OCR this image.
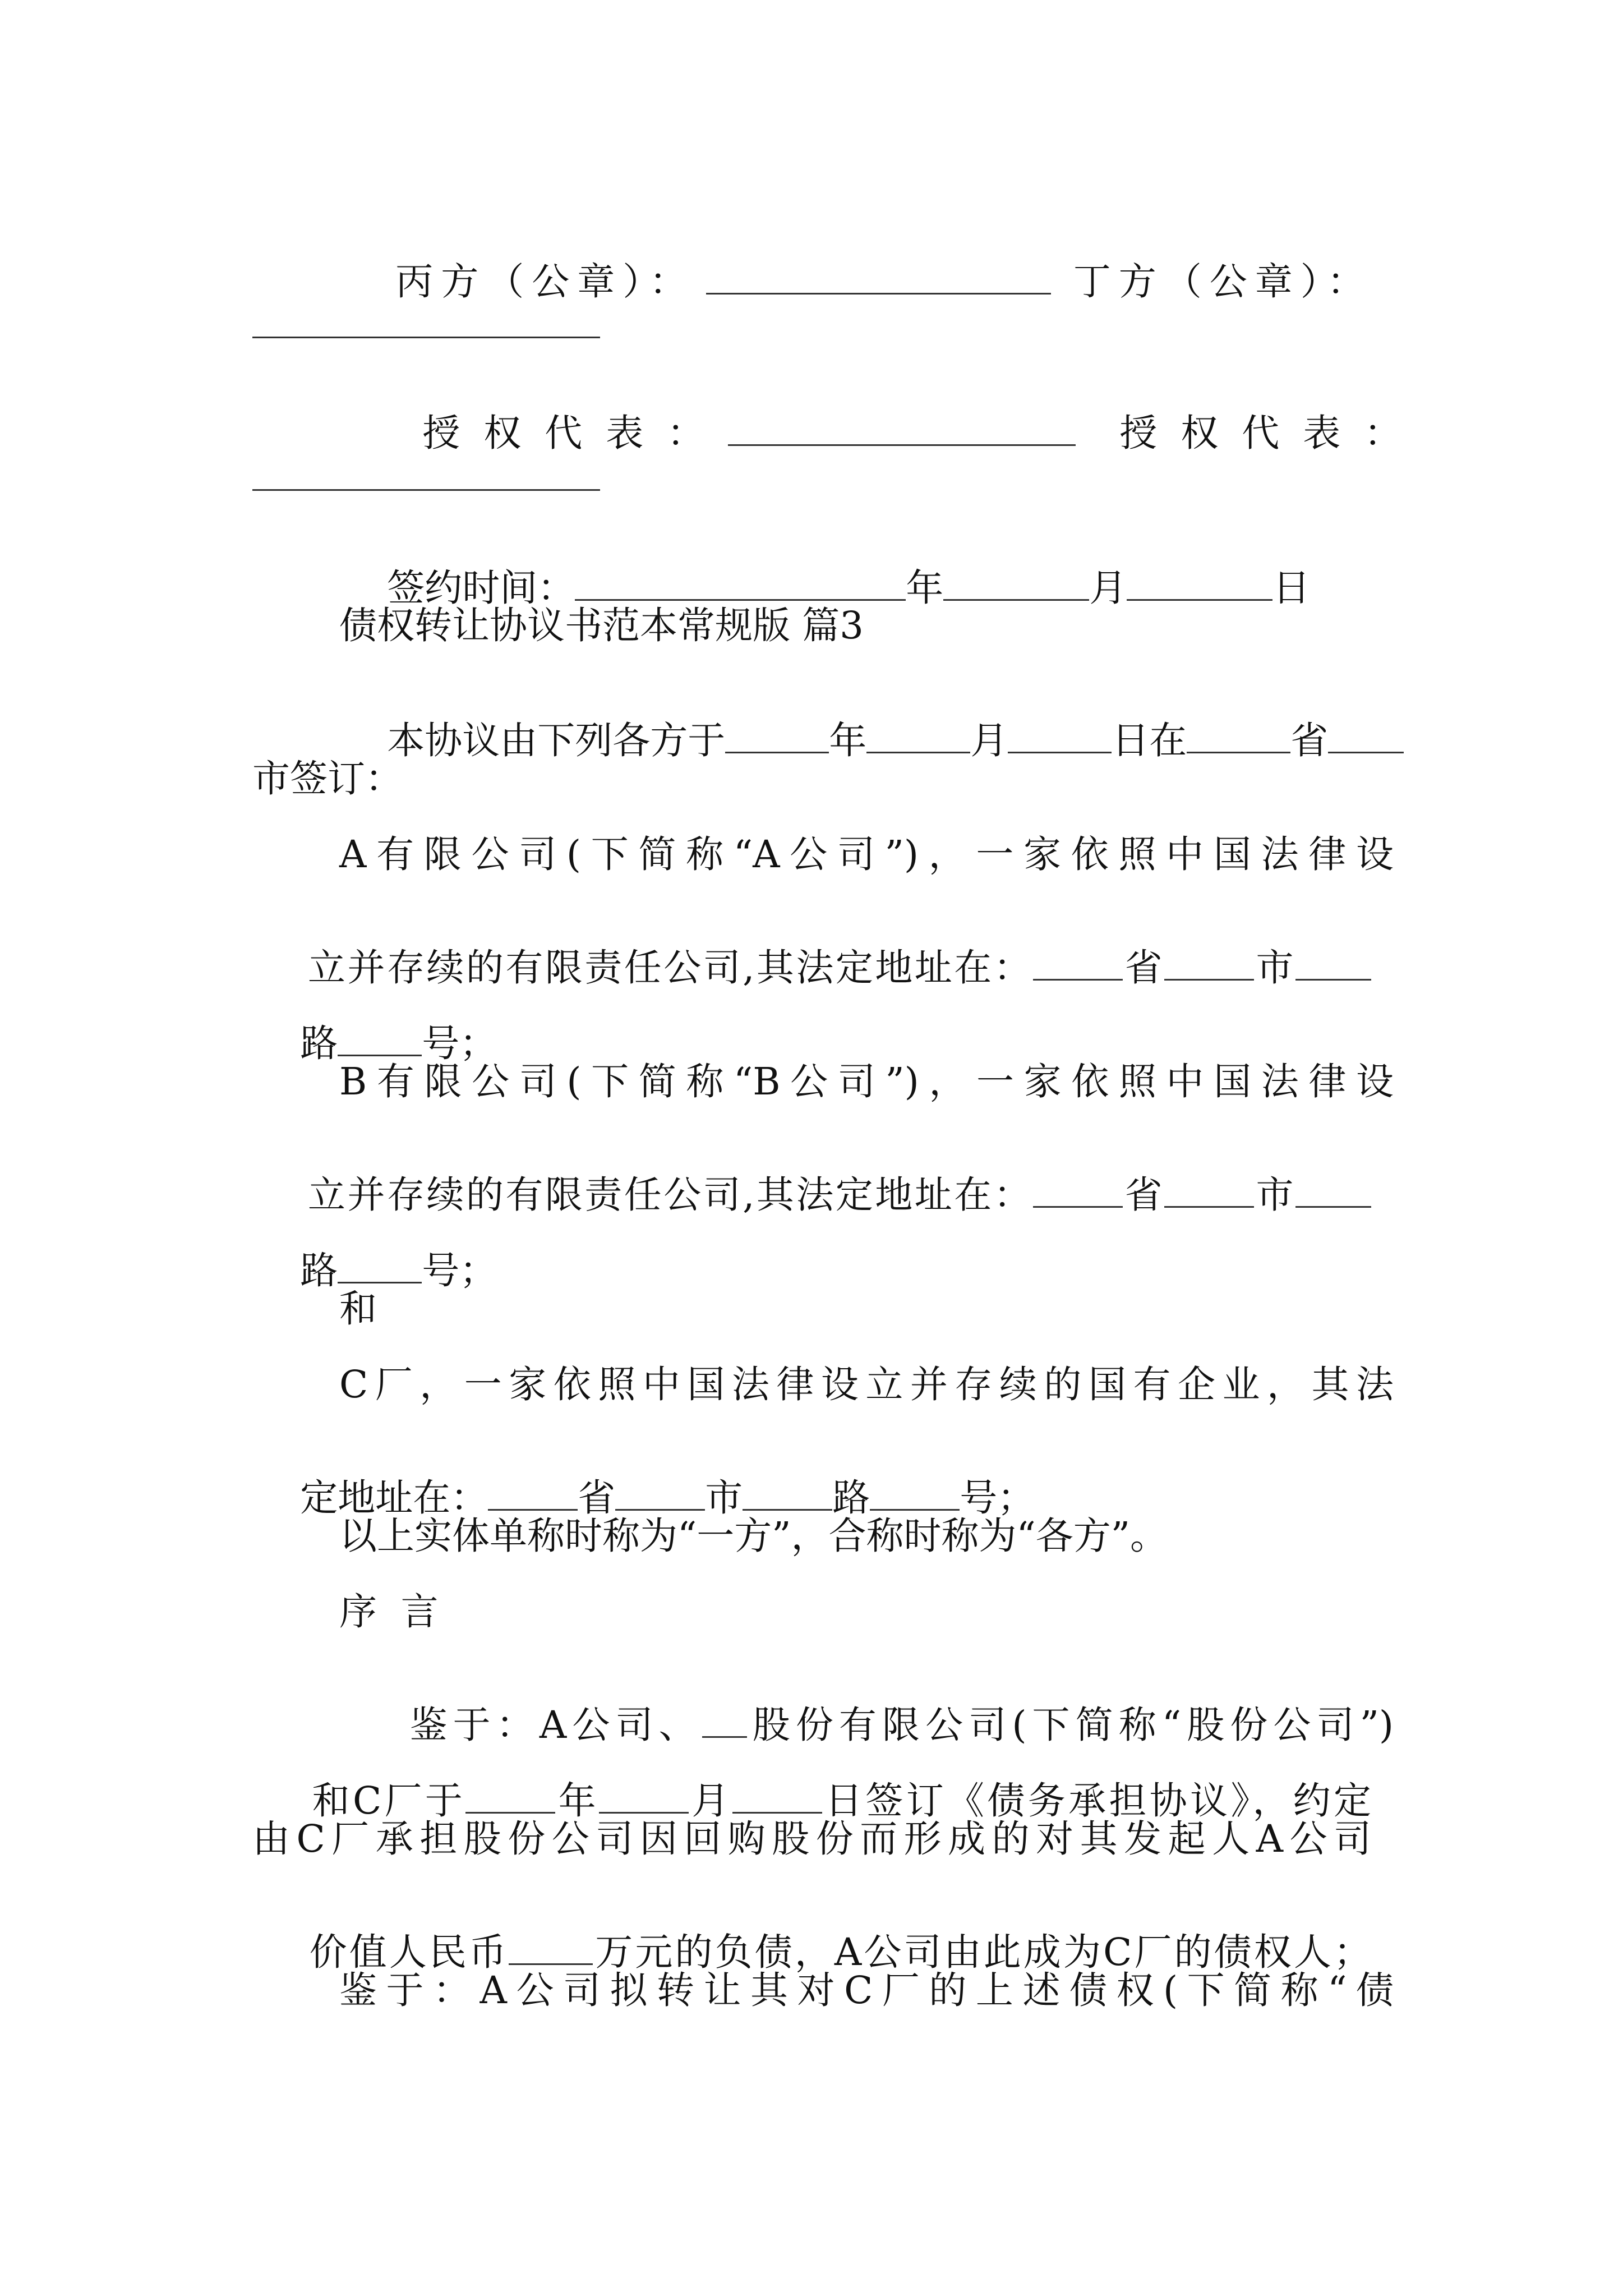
丙方（公章）：	丁方（公章）：

授权代表：	授权代表：

签约时间：	年	月	日

债权转让协议书范本常规版 篇3

本协议由下列各方于	年	月	日在	省

市签订：
A有限公司(下简称“A公司”)，一家依照中国法律设

立并存续的有限责任公司,其法定地址在： 省 市

路 号；

B有限公司(下简称“B公司”)，一家依照中国法律设

立并存续的有限责任公司,其法定地址在： 省 市

路 号；

和
C厂，一家依照中国法律设立并存续的国有企业，其法

定地址在： 省 市 路 号；

以上实体单称时称为“一方”，合称时称为“各方”。
序  言

鉴于：A公司、 股份有限公司(下简称“股份公司”)

和C厂于 年 月 日签订《债务承担协议》，约定

由C厂承担股份公司因回购股份而形成的对其发起人A公司

价值人民币 万元的负债，A公司由此成为C厂的债权人；

鉴于：A公司拟转让其对C厂的上述债权(下简称“债
